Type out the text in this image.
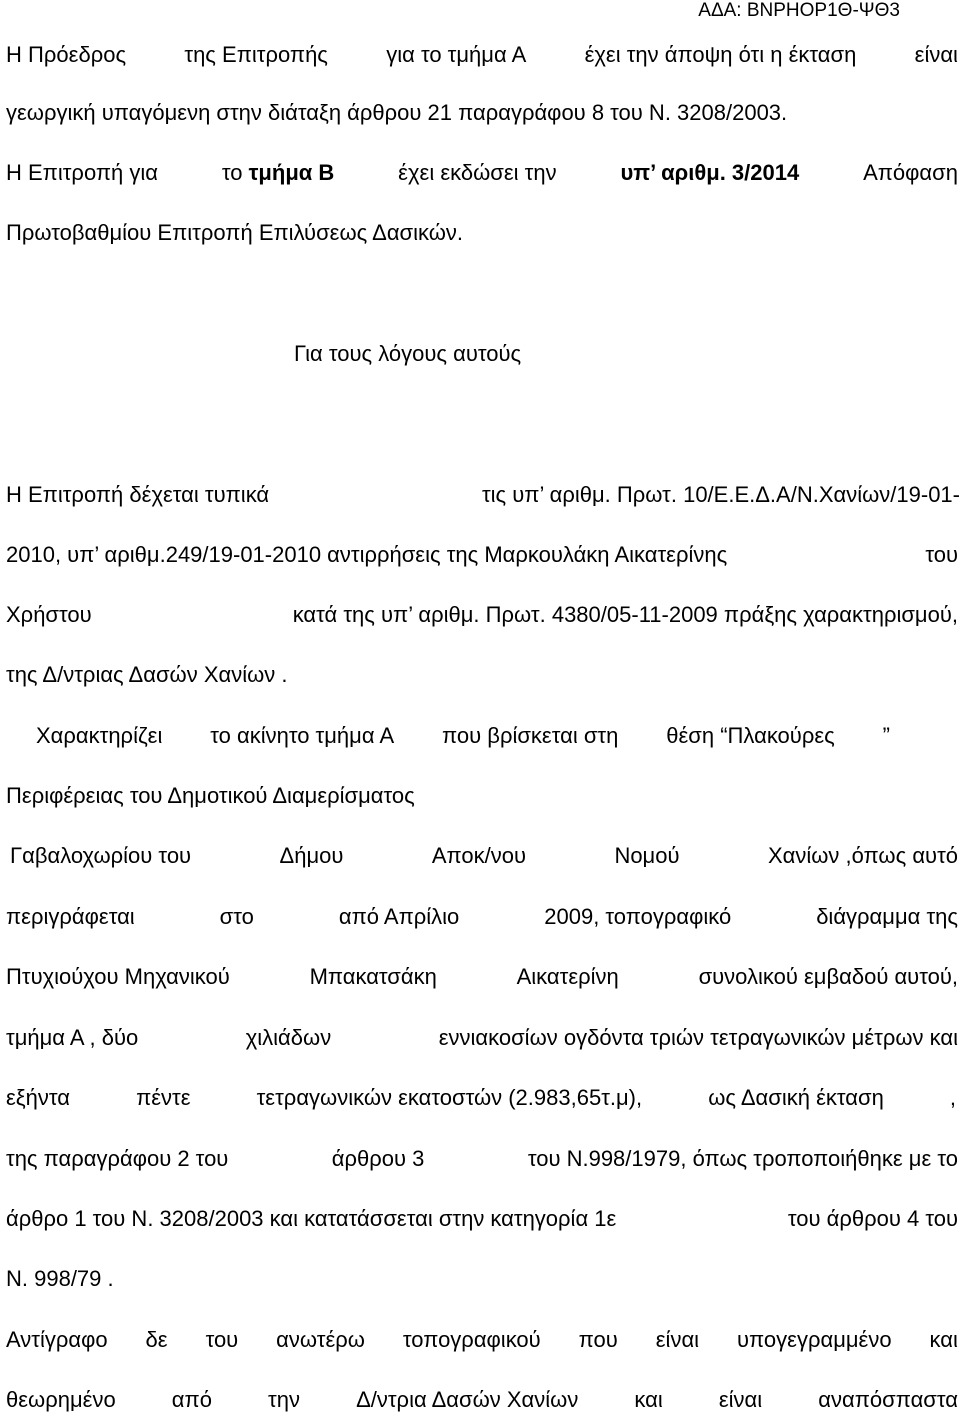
ΑΔΑ: ΒΝΡΗΟΡ1Θ-ΨΘ3
Η Πρόεδρος	της Επιτροπής	για το τμήμα Α	έχει την άποψη ότι η έκταση	είναι
γεωργική υπαγόμενη στην διάταξη άρθρου 21 παραγράφου 8 του Ν. 3208/2003.
Η Επιτροπή για	το τμήμα Β	έχει εκδώσει την	υπ’ αριθμ. 3/2014	Απόφαση
Πρωτοβαθμίου Επιτροπή Επιλύσεως Δασικών.
Για τους λόγους αυτούς
Η Επιτροπή δέχεται τυπικά	τις υπ’ αριθμ. Πρωτ. 10/Ε.Ε.Δ.Α/Ν.Χανίων/19-01-
2010, υπ’ αριθμ.249/19-01-2010 αντιρρήσεις της Μαρκουλάκη Αικατερίνης	του
Χρήστου	κατά της υπ’ αριθμ. Πρωτ. 4380/05-11-2009 πράξης χαρακτηρισμού,
της Δ/ντριας Δασών Χανίων .
Χαρακτηρίζει το ακίνητο τμήμα Α που βρίσκεται στη θέση “Πλακούρες ”
Περιφέρειας του Δημοτικού Διαμερίσματος
Γαβαλοχωρίου του	Δήμου	Αποκ/νου	Νομού	Χανίων ,όπως αυτό
περιγράφεται	στο	από Απρίλιο	2009, τοπογραφικό	διάγραμμα της
Πτυχιούχου Μηχανικού	Μπακατσάκη	Αικατερίνη	συνολικού εμβαδού αυτού,
τμήμα Α , δύο	χιλιάδων	εννιακοσίων ογδόντα τριών τετραγωνικών μέτρων και
εξήντα	πέντε	τετραγωνικών εκατοστών (2.983,65τ.μ),	ως Δασική έκταση	,
της παραγράφου 2 του	άρθρου 3	του Ν.998/1979, όπως τροποποιήθηκε με το
άρθρο 1 του Ν. 3208/2003 και κατατάσσεται στην κατηγορία 1ε	του άρθρου 4 του
Ν. 998/79 .
Αντίγραφο δε του ανωτέρω τοπογραφικού που είναι υπογεγραμμένο και
θεωρημένο	από	την	Δ/ντρια Δασών Χανίων	και	είναι	αναπόσπαστα
